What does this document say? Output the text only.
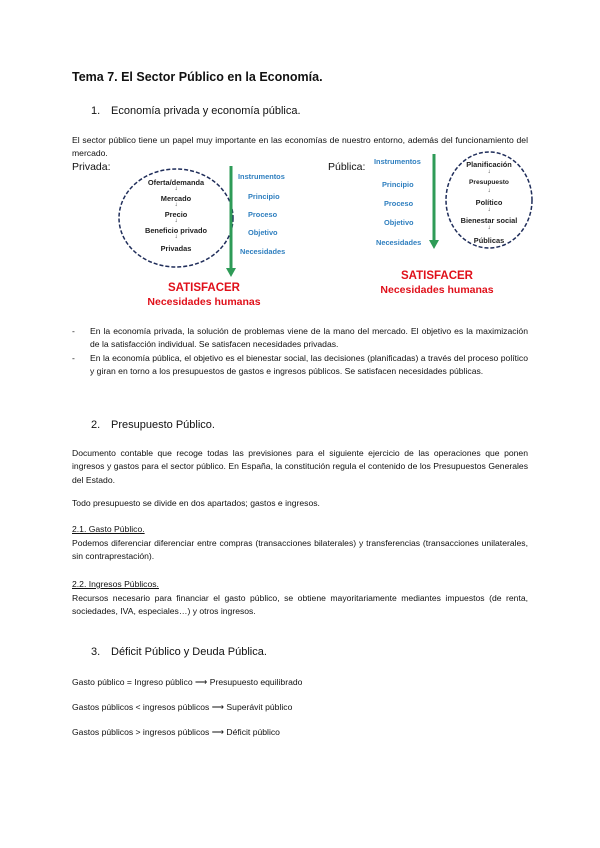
Tema 7. El Sector Público en la Economía.
1. Economía privada y economía pública.
El sector público tiene un papel muy importante en las economías de nuestro entorno, además del funcionamiento del mercado.
Privada:
Oferta/demanda
↓
Mercado
↓
Precio
↓
Beneficio privado
↓
Privadas
Instrumentos
Principio
Proceso
Objetivo
Necesidades
SATISFACER
Necesidades humanas
Pública: Instrumentos
Principio
Proceso
Objetivo
Necesidades
Planificación
↓
Presupuesto
↓
Político
↓
Bienestar social
↓
Públicas
SATISFACER
Necesidades humanas
- En la economía privada, la solución de problemas viene de la mano del mercado. El objetivo es la maximización de la satisfacción individual. Se satisfacen necesidades privadas.
- En la economía pública, el objetivo es el bienestar social, las decisiones (planificadas) a través del proceso político y giran en torno a los presupuestos de gastos e ingresos públicos. Se satisfacen necesidades públicas.
2. Presupuesto Público.
Documento contable que recoge todas las previsiones para el siguiente ejercicio de las operaciones que ponen ingresos y gastos para el sector público. En España, la constitución regula el contenido de los Presupuestos Generales del Estado.
Todo presupuesto se divide en dos apartados; gastos e ingresos.
2.1. Gasto Público.
Podemos diferenciar diferenciar entre compras (transacciones bilaterales) y transferencias (transacciones unilaterales, sin contraprestación).
2.2. Ingresos Públicos.
Recursos necesario para financiar el gasto público, se obtiene mayoritariamente mediantes impuestos (de renta, sociedades, IVA, especiales…) y otros ingresos.
3. Déficit Público y Deuda Pública.
Gasto público = Ingreso público ⟶ Presupuesto equilibrado
Gastos públicos < ingresos públicos ⟶ Superávit público
Gastos públicos > ingresos públicos ⟶ Déficit público
